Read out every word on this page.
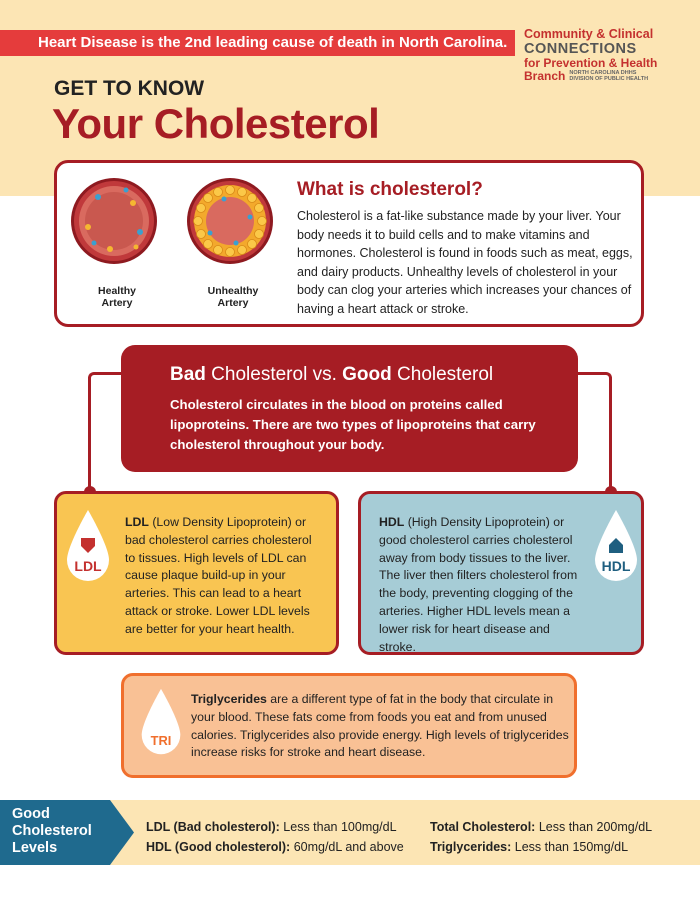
Heart Disease is the 2nd leading cause of death in North Carolina.	Community & Clinical
CONNECTIONS
for Prevention & Health
Branch NORTH CAROLINA DHHS
DIVISION OF PUBLIC HEALTH
GET TO KNOW
Your Cholesterol
Healthy
Artery
Unhealthy
Artery
What is cholesterol?
Cholesterol is a fat-like substance made by your liver. Your body needs it to build cells and to make vitamins and hormones. Cholesterol is found in foods such as meat, eggs, and dairy products. Unhealthy levels of cholesterol in your body can clog your arteries which increases your chances of having a heart attack or stroke.
Bad Cholesterol vs. Good Cholesterol
Cholesterol circulates in the blood on proteins called lipoproteins. There are two types of lipoproteins that carry cholesterol throughout your body.
LDL
LDL (Low Density Lipoprotein) or bad cholesterol carries cholesterol to tissues. High levels of LDL can cause plaque build-up in your arteries. This can lead to a heart attack or stroke. Lower LDL levels are better for your heart health.
HDL (High Density Lipoprotein) or good cholesterol carries cholesterol away from body tissues to the liver. The liver then filters cholesterol from the body, preventing clogging of the arteries. Higher HDL levels mean a lower risk for heart disease and stroke.
HDL
TRI
Triglycerides are a different type of fat in the body that circulate in your blood. These fats come from foods you eat and from unused calories. Triglycerides also provide energy. High levels of triglycerides increase risks for stroke and heart disease.
Good Cholesterol Levels
LDL (Bad cholesterol): Less than 100mg/dL
HDL (Good cholesterol): 60mg/dL and above
Total Cholesterol: Less than 200mg/dL
Triglycerides: Less than 150mg/dL
